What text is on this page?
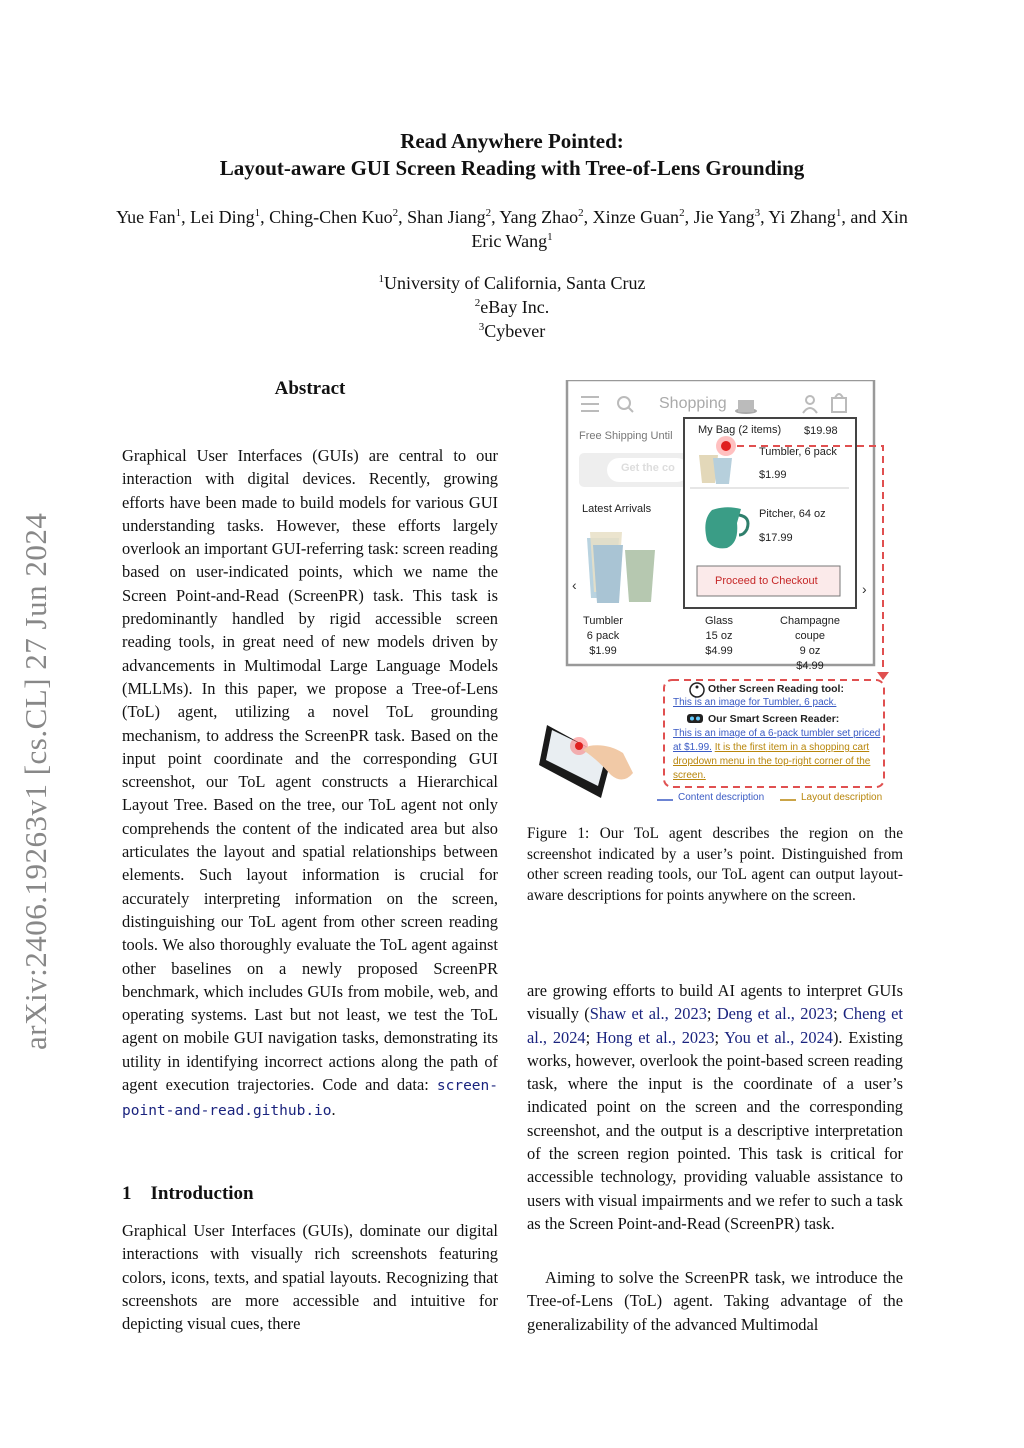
Read Anywhere Pointed:
Layout-aware GUI Screen Reading with Tree-of-Lens Grounding
Yue Fan$^1$, Lei Ding$^1$, Ching-Chen Kuo$^2$, Shan Jiang$^2$, Yang Zhao$^2$, Xinze Guan$^2$, Jie Yang$^3$, Yi Zhang$^1$, and Xin Eric Wang$^1$
$^1$University of California, Santa Cruz
$^2$eBay Inc.
$^3$Cybever
arXiv:2406.19263v1 [cs.CL] 27 Jun 2024
Abstract
Graphical User Interfaces (GUIs) are central to our interaction with digital devices. Recently, growing efforts have been made to build models for various GUI understanding tasks. However, these efforts largely overlook an important GUI-referring task: screen reading based on user-indicated points, which we name the Screen Point-and-Read (ScreenPR) task. This task is predominantly handled by rigid accessible screen reading tools, in great need of new models driven by advancements in Multimodal Large Language Models (MLLMs). In this paper, we propose a Tree-of-Lens (ToL) agent, utilizing a novel ToL grounding mechanism, to address the ScreenPR task. Based on the input point coordinate and the corresponding GUI screenshot, our ToL agent constructs a Hierarchical Layout Tree. Based on the tree, our ToL agent not only comprehends the content of the indicated area but also articulates the layout and spatial relationships between elements. Such layout information is crucial for accurately interpreting information on the screen, distinguishing our ToL agent from other screen reading tools. We also thoroughly evaluate the ToL agent against other baselines on a newly proposed ScreenPR benchmark, which includes GUIs from mobile, web, and operating systems. Last but not least, we test the ToL agent on mobile GUI navigation tasks, demonstrating its utility in identifying incorrect actions along the path of agent execution trajectories. Code and data: screen-point-and-read.github.io.
1 Introduction
Graphical User Interfaces (GUIs), dominate our digital interactions with visually rich screenshots featuring colors, icons, texts, and spatial layouts. Recognizing that screenshots are more accessible and intuitive for depicting visual cues, there
are growing efforts to build AI agents to interpret GUIs visually (Shaw et al., 2023; Deng et al., 2023; Cheng et al., 2024; Hong et al., 2023; You et al., 2024). Existing works, however, overlook the point-based screen reading task, where the input is the coordinate of a user’s indicated point on the screen and the corresponding screenshot, and the output is a descriptive interpretation of the screen region pointed. This task is critical for accessible technology, providing valuable assistance to users with visual impairments and we refer to such a task as the Screen Point-and-Read (ScreenPR) task.
Aiming to solve the ScreenPR task, we introduce the Tree-of-Lens (ToL) agent. Taking advantage of the generalizability of the advanced Multimodal
Figure 1: Our ToL agent describes the region on the screenshot indicated by a user’s point. Distinguished from other screen reading tools, our ToL agent can output layout-aware descriptions for points anywhere on the screen.
‹	›
Shopping
Free Shipping Until
Get the co
Latest Arrivals
Tumbler
6 pack
$1.99
Glass
15 oz
$4.99
Champagne coupe
9 oz
$4.99
My Bag (2 items) $19.98
Tumbler, 6 pack
$1.99
Pitcher, 64 oz
$17.99
Proceed to Checkout
Other Screen Reading tool:
This is an image for Tumbler, 6 pack.
Our Smart Screen Reader:
This is an image of a 6-pack tumbler set priced at $1.99. It is the first item in a shopping cart dropdown menu in the top-right corner of the screen.
Content description	Layout description
